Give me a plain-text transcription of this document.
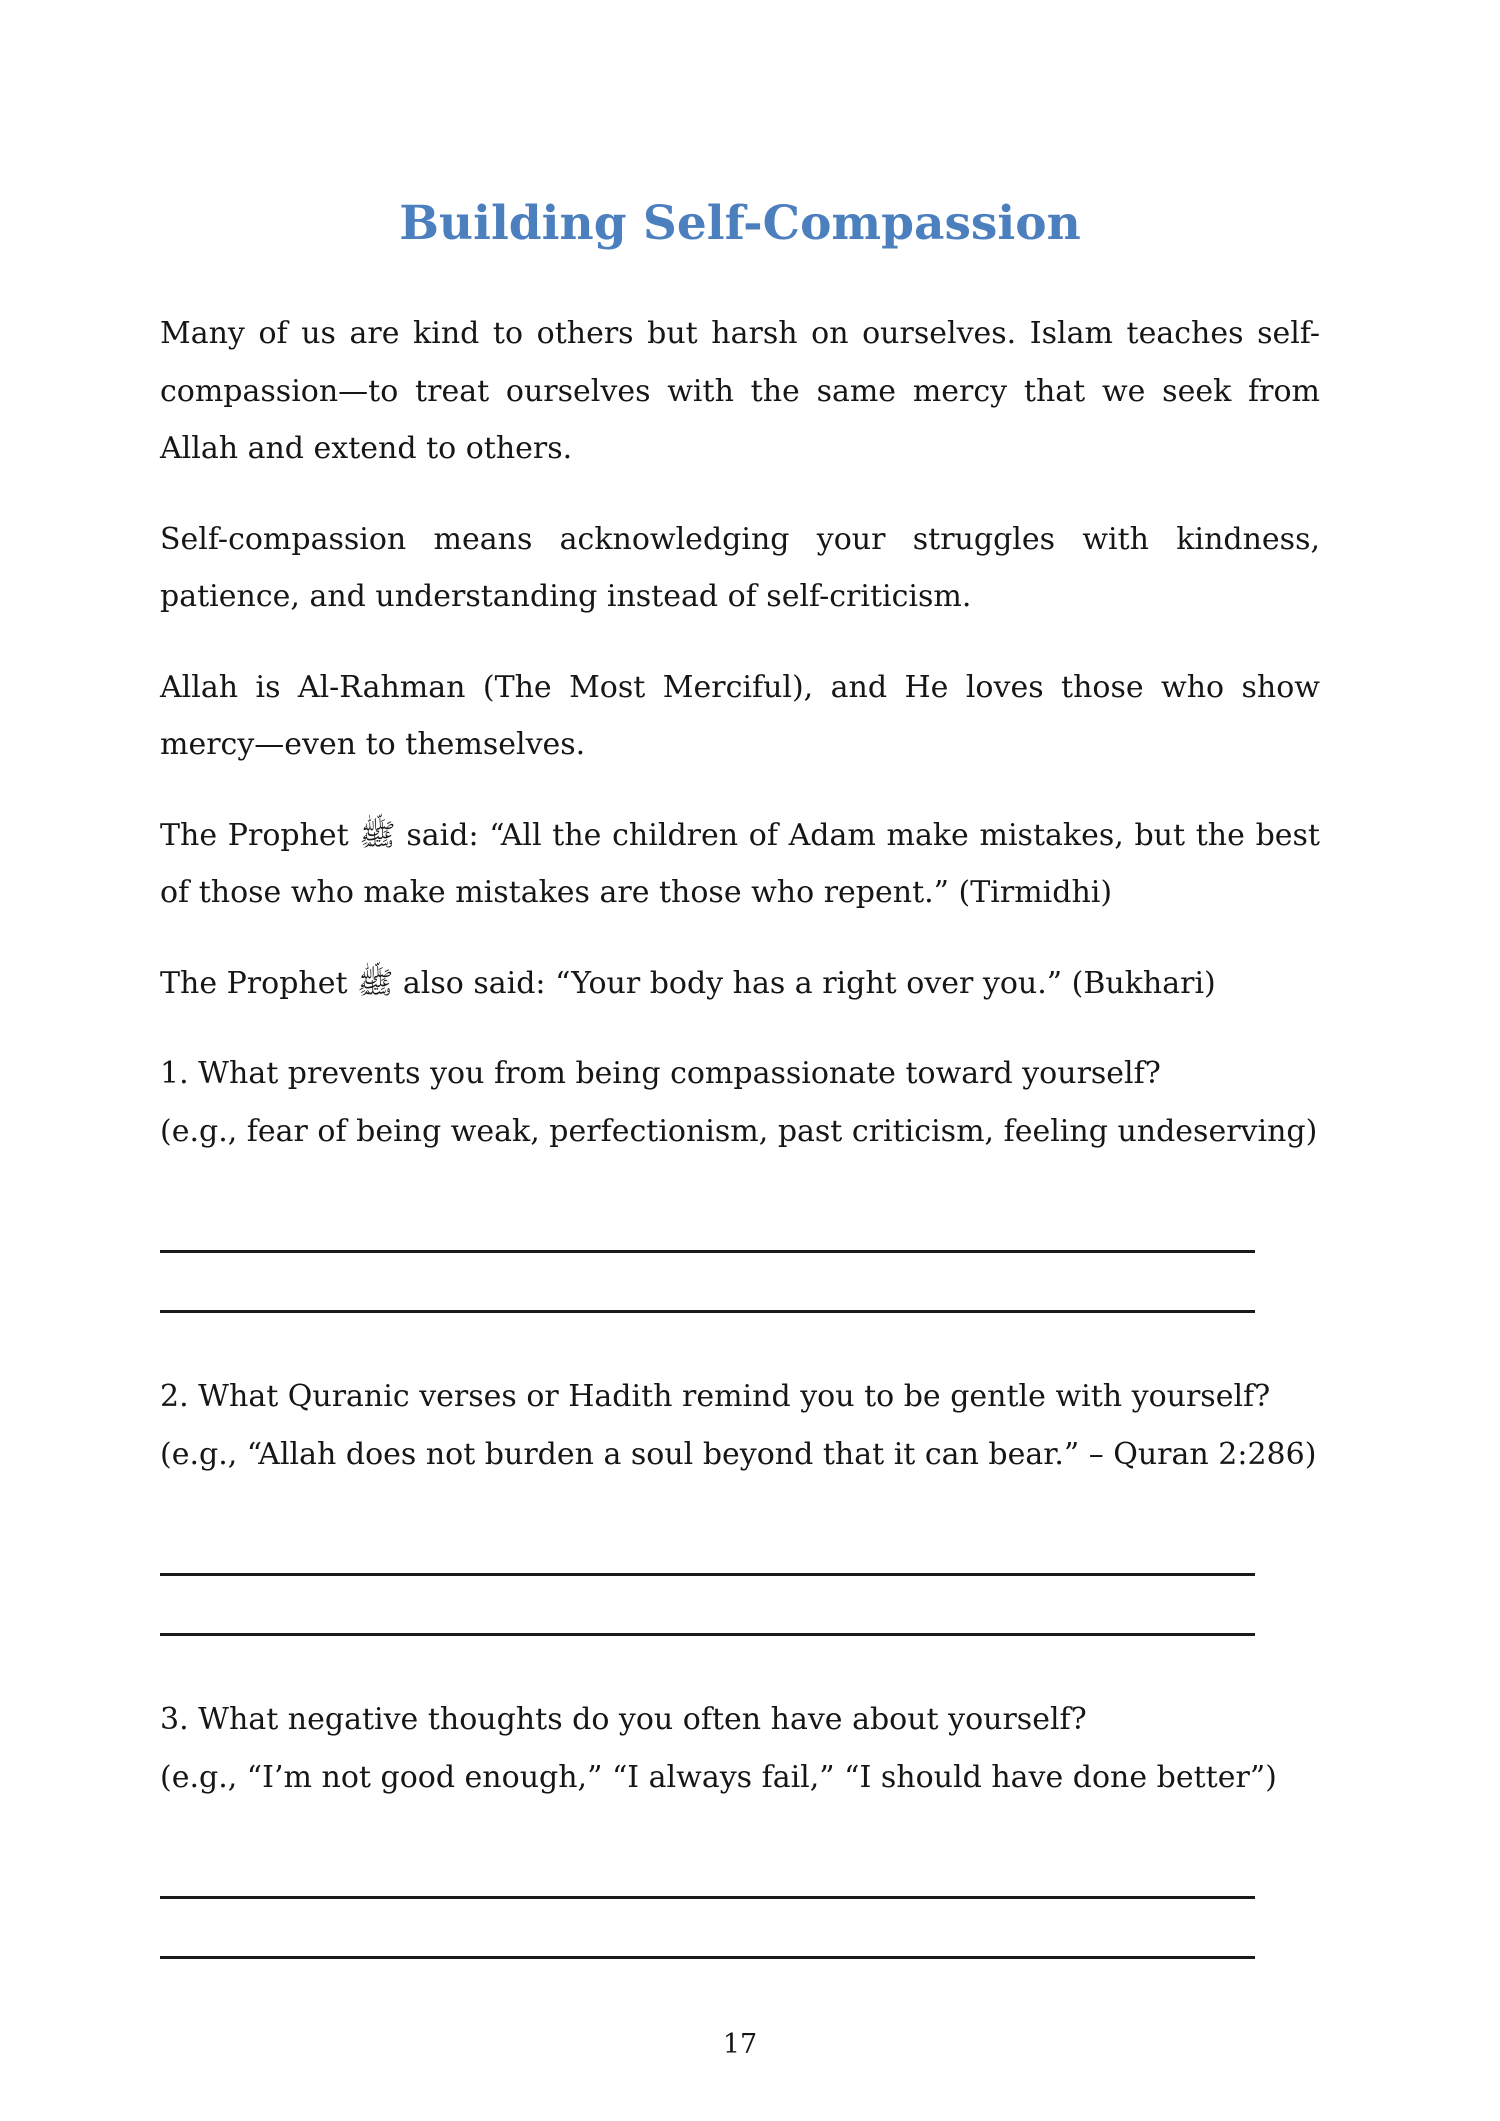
Building Self-Compassion
Many of us are kind to others but harsh on ourselves. Islam teaches self-
compassion—to treat ourselves with the same mercy that we seek from
Allah and extend to others.
Self-compassion means acknowledging your struggles with kindness,
patience, and understanding instead of self-criticism.
Allah is Al-Rahman (The Most Merciful), and He loves those who show
mercy—even to themselves.
The Prophet ﷺ said: “All the children of Adam make mistakes, but the best
of those who make mistakes are those who repent.” (Tirmidhi)
The Prophet ﷺ also said: “Your body has a right over you.” (Bukhari)
1. What prevents you from being compassionate toward yourself?
(e.g., fear of being weak, perfectionism, past criticism, feeling undeserving)
2. What Quranic verses or Hadith remind you to be gentle with yourself?
(e.g., “Allah does not burden a soul beyond that it can bear.” – Quran 2:286)
3. What negative thoughts do you often have about yourself?
(e.g., “I’m not good enough,” “I always fail,” “I should have done better”)
17
